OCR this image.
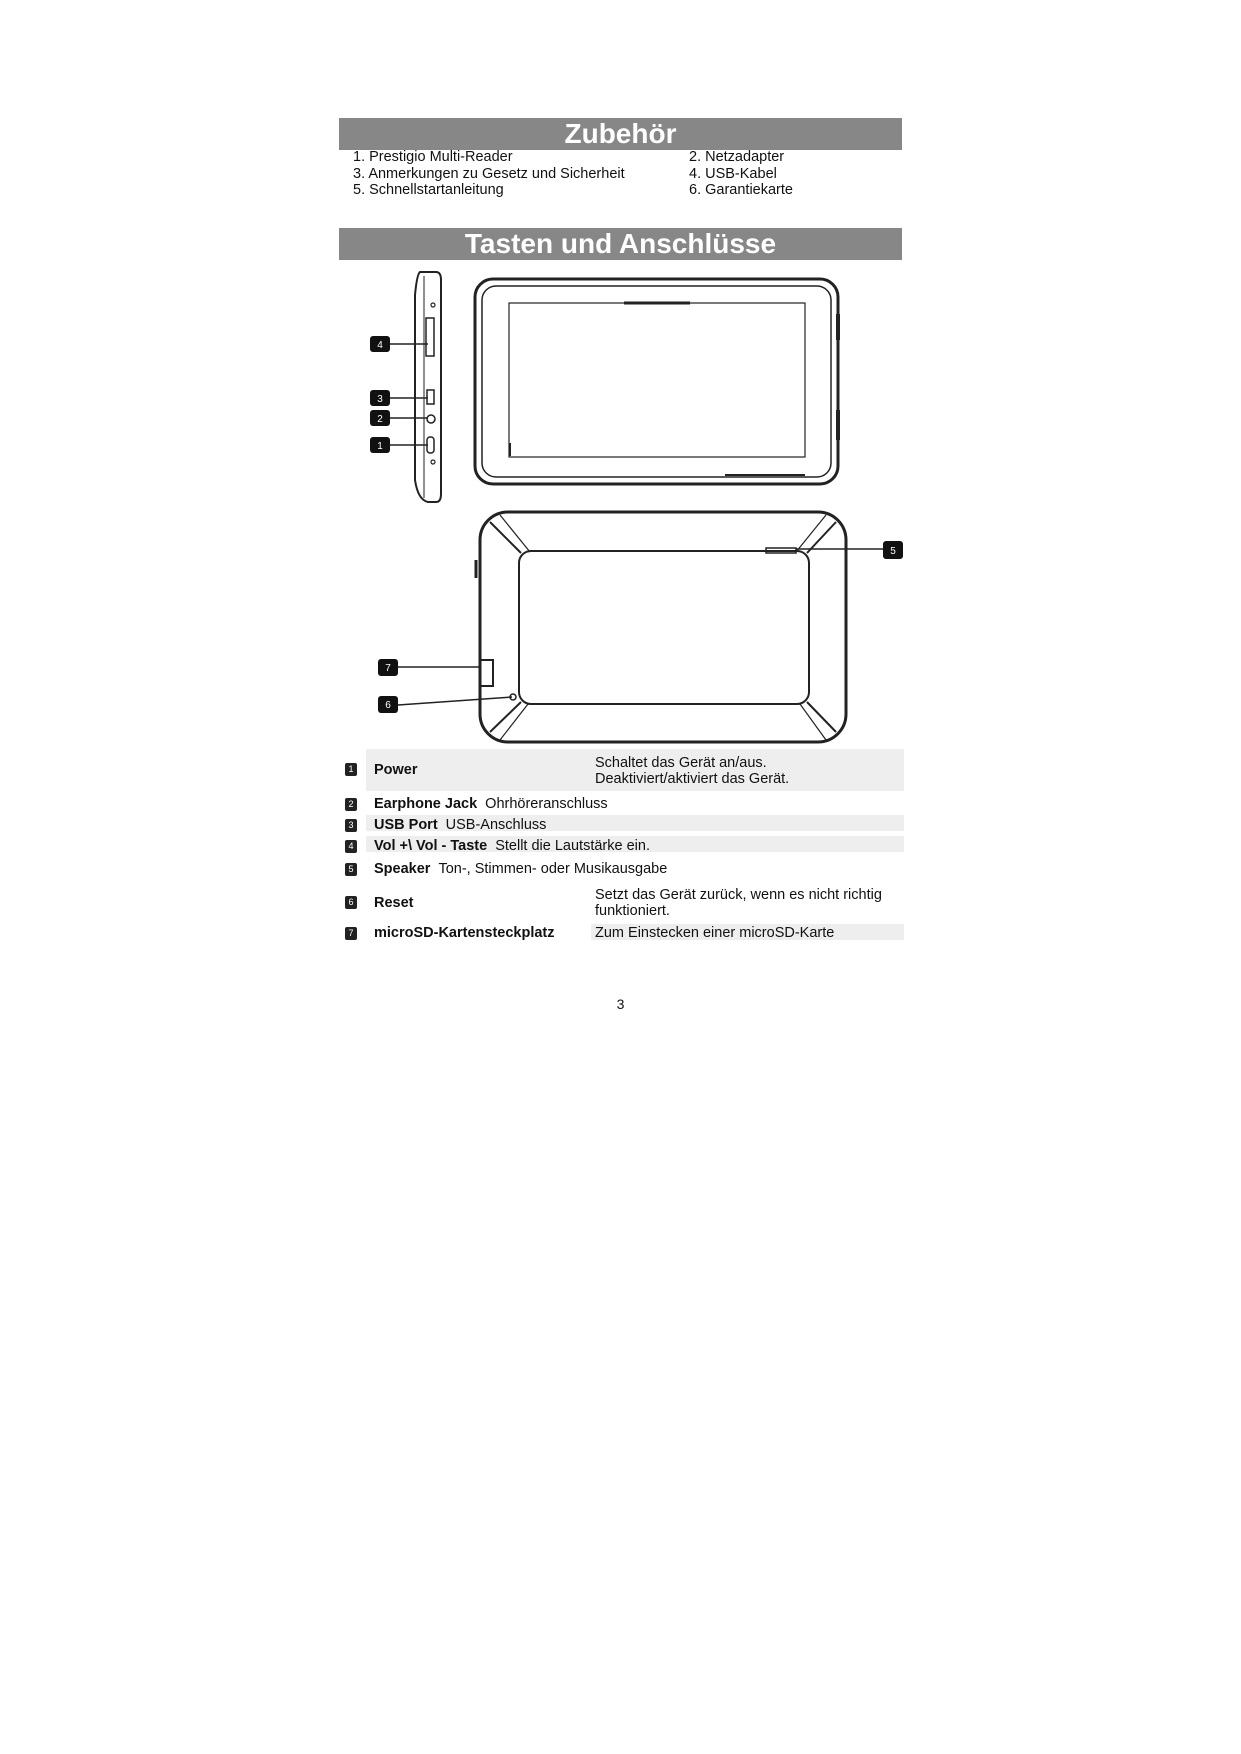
Zubehör
1. Prestigio Multi-Reader	2. Netzadapter
3. Anmerkungen zu Gesetz und Sicherheit	4. USB-Kabel
5. Schnellstartanleitung	6. Garantiekarte
Tasten und Anschlüsse
4
3
2
1
5
7
6
1 Power	Schaltet das Gerät an/aus.
Deaktiviert/aktiviert das Gerät.
2 Earphone Jack Ohrhöreranschluss
3 USB Port USB-Anschluss
4 Vol +\ Vol - Taste Stellt die Lautstärke ein.
5 Speaker Ton-, Stimmen- oder Musikausgabe
6 Reset	Setzt das Gerät zurück, wenn es nicht richtig
funktioniert.
7 microSD-Kartensteckplatz	Zum Einstecken einer microSD-Karte
3
